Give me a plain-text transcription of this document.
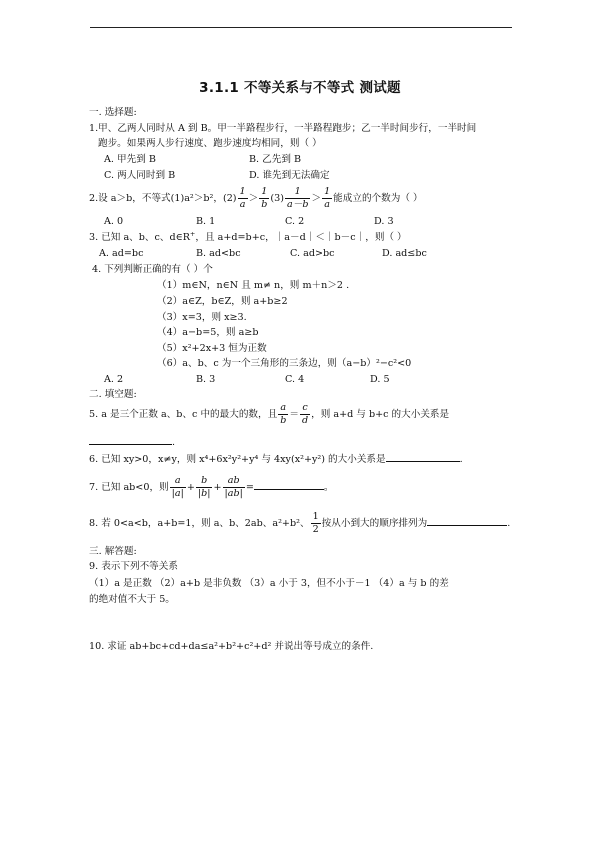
3.1.1 不等关系与不等式 测试题
一. 选择题:
1.甲、乙两人同时从 A 到 B。甲一半路程步行，一半路程跑步；乙一半时间步行，一半时间
跑步。如果两人步行速度、跑步速度均相同，则（ ）
A. 甲先到 B	B. 乙先到 B
C. 两人同时到 B	D. 谁先到无法确定
2.设 a＞b，不等式(1)a²＞b²，$(2) \frac{1}{a} > \frac{1}{b} (3) \frac{1}{a-b} > \frac{1}{a}$ 能成立的个数为（ ）
A. 0	B. 1	C. 2	D. 3
3. 已知 a、b、c、d∈R+，且 a+d=b+c，｜a－d｜＜｜b－c｜，则（ ）
A. ad=bc	B. ad<bc	C. ad>bc	D. ad≤bc
4. 下列判断正确的有（ ）个
（1）m∈N，n∈N 且 m≠ n，则 m＋n＞2 .
（2）a∈Z，b∈Z，则 a+b≥2
（3）x=3，则 x≥3.
（4）a−b=5，则 a≥b
（5）x²+2x+3 恒为正数
（6）a、b、c 为一个三角形的三条边，则（a−b）²−c²<0
A. 2	B. 3	C. 4	D. 5
二. 填空题:
5. a 是三个正数 a、b、c 中的最大的数，且 $\frac{a}{b} = \frac{c}{d}$ ，则 a+d 与 b+c 的大小关系是
.
6. 已知 xy>0，x≠y，则 x⁴+6x²y²+y⁴ 与 4xy(x²+y²) 的大小关系是	.
7. 已知 ab<0，则 $\frac{a}{|a|} + \frac{b}{|b|} + \frac{ab}{|ab|}$ =	。
8. 若 0<a<b，a+b=1，则 a、b、2ab、a²+b²、 $\frac{1}{2}$ 按从小到大的顺序排列为	.
三. 解答题:
9. 表示下列不等关系
（1）a 是正数 （2）a+b 是非负数 （3）a 小于 3，但不小于－1 （4）a 与 b 的差
的绝对值不大于 5。
10. 求证 ab+bc+cd+da≤a²+b²+c²+d² 并说出等号成立的条件.
